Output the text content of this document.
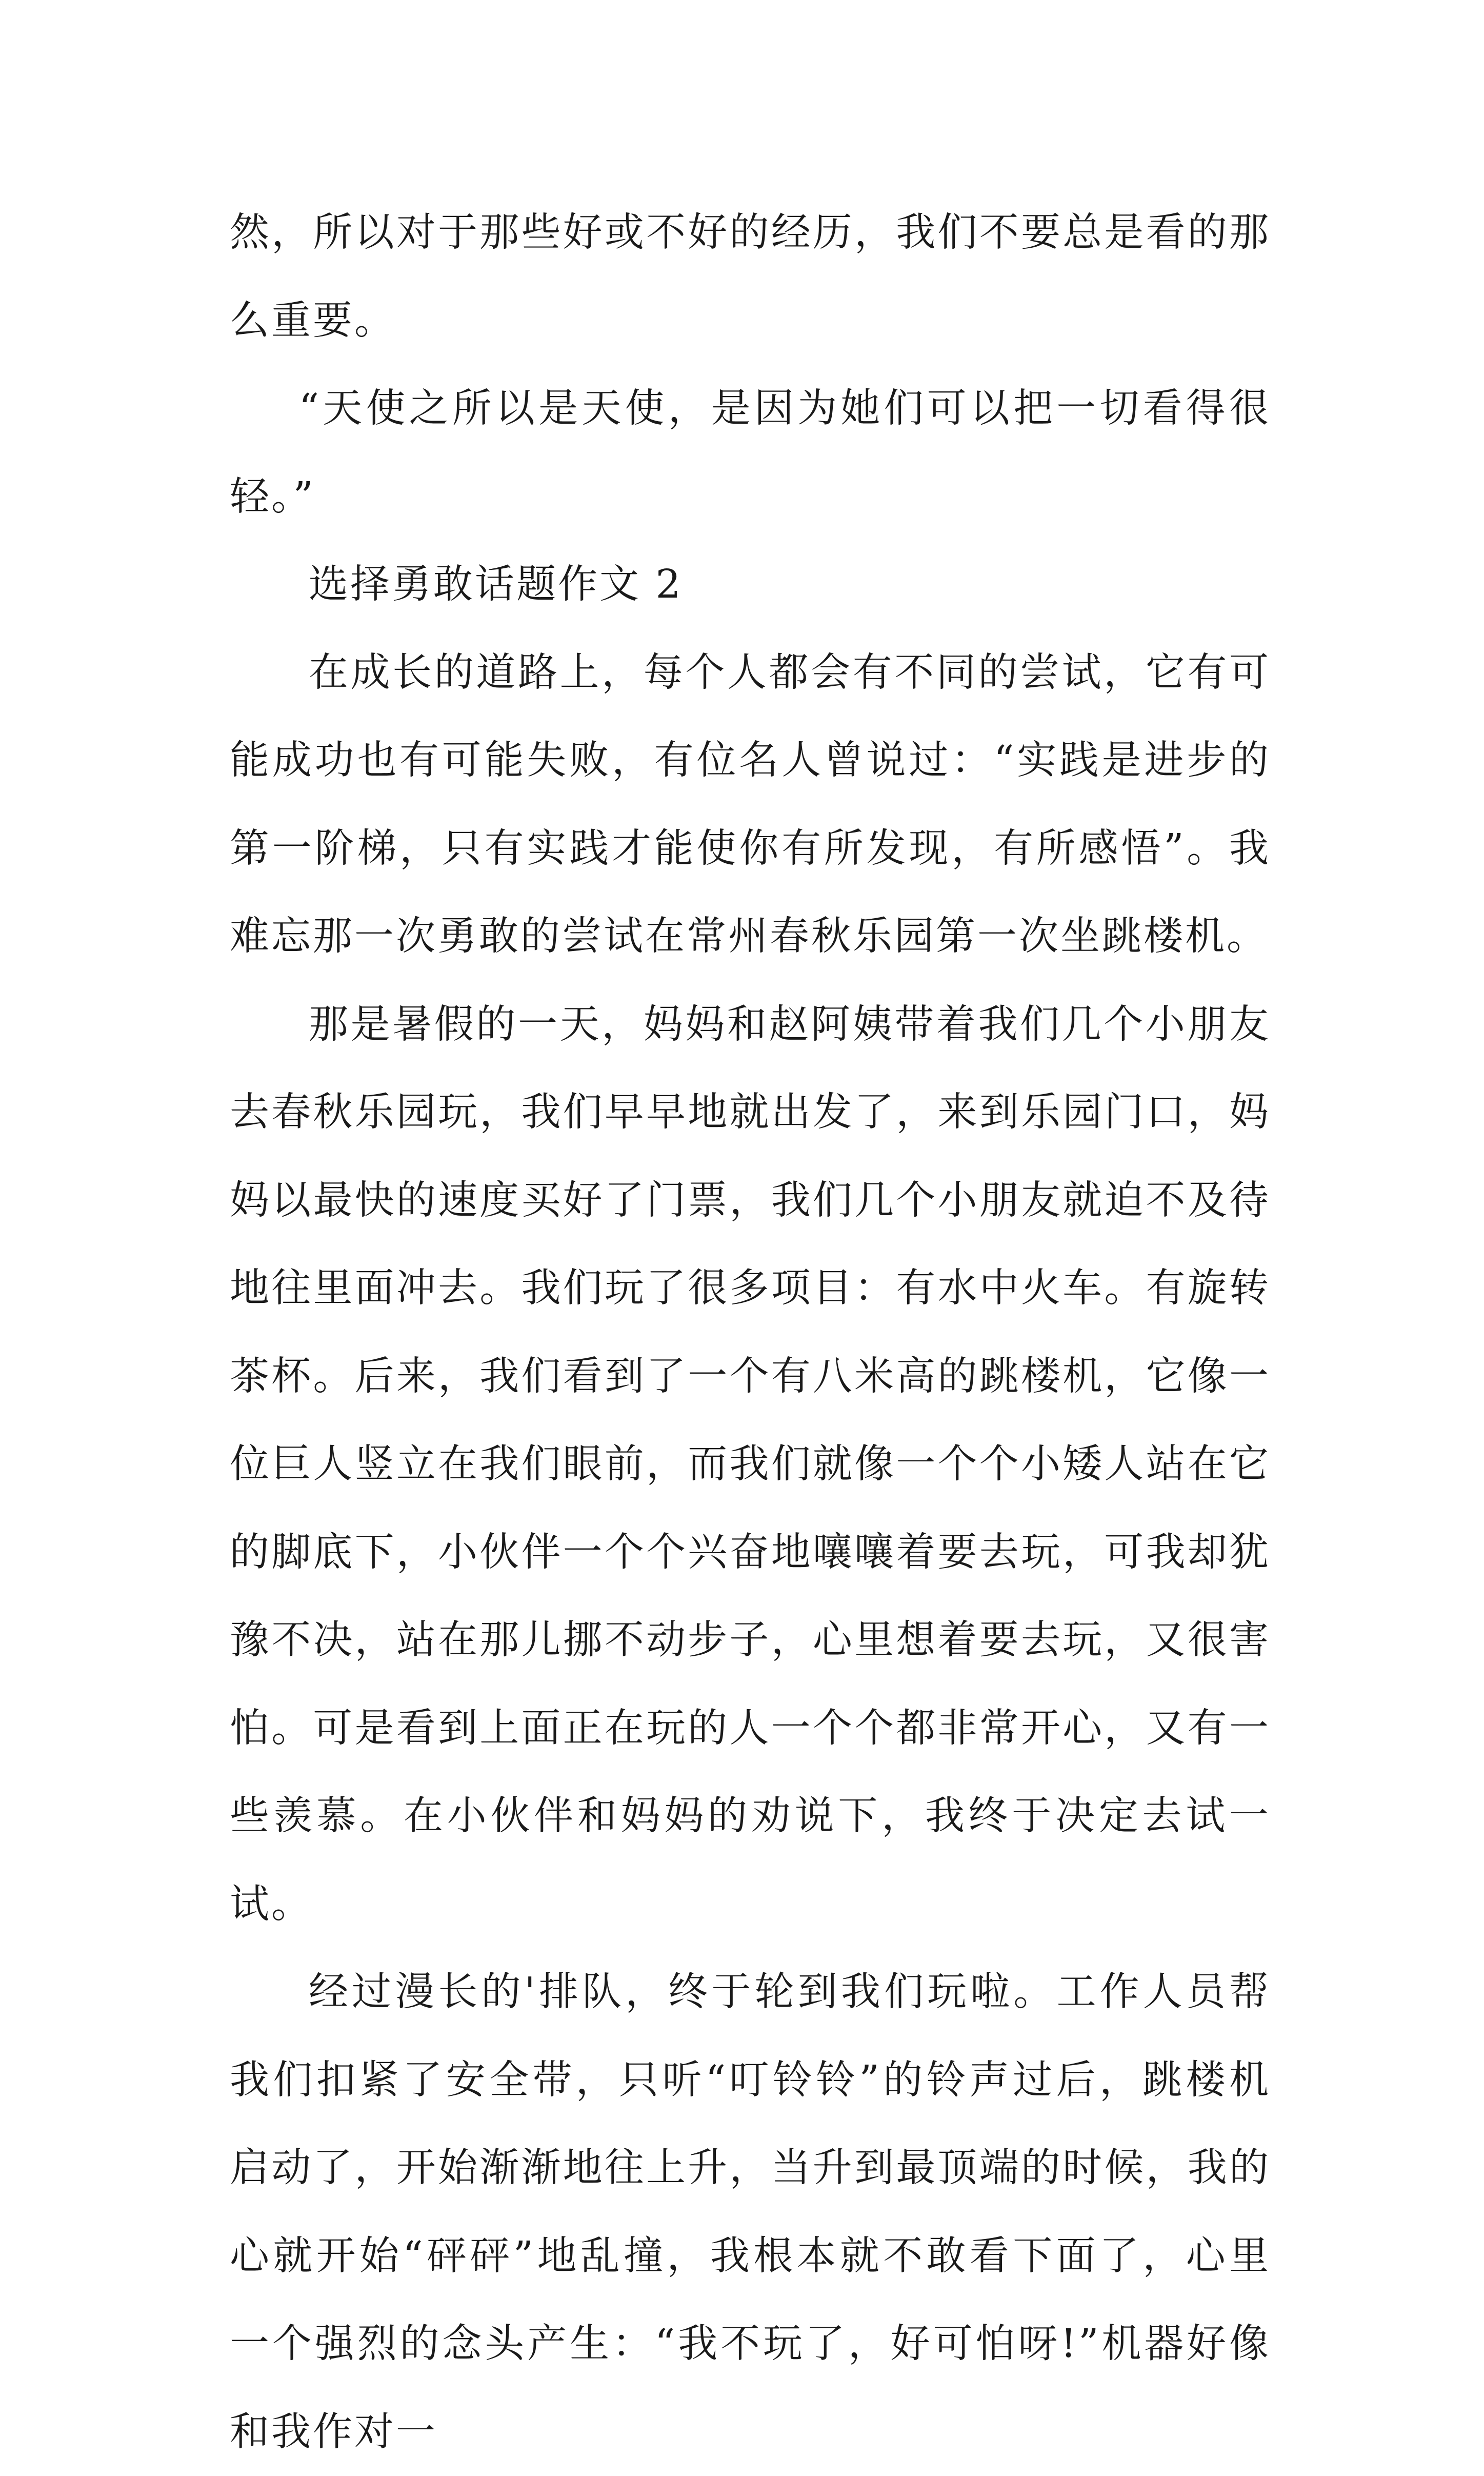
然，所以对于那些好或不好的经历，我们不要总是看的那么重要。

“天使之所以是天使，是因为她们可以把一切看得很轻。”

选择勇敢话题作文 2

在成长的道路上，每个人都会有不同的尝试，它有可能成功也有可能失败，有位名人曾说过：“实践是进步的第一阶梯，只有实践才能使你有所发现，有所感悟”。我难忘那一次勇敢的尝试在常州春秋乐园第一次坐跳楼机。

那是暑假的一天，妈妈和赵阿姨带着我们几个小朋友去春秋乐园玩，我们早早地就出发了，来到乐园门口，妈妈以最快的速度买好了门票，我们几个小朋友就迫不及待地往里面冲去。我们玩了很多项目：有水中火车。有旋转茶杯。后来，我们看到了一个有八米高的跳楼机，它像一位巨人竖立在我们眼前，而我们就像一个个小矮人站在它的脚底下，小伙伴一个个兴奋地嚷嚷着要去玩，可我却犹豫不决，站在那儿挪不动步子，心里想着要去玩，又很害怕。可是看到上面正在玩的人一个个都非常开心，又有一些羡慕。在小伙伴和妈妈的劝说下，我终于决定去试一试。

经过漫长的'排队，终于轮到我们玩啦。工作人员帮我们扣紧了安全带，只听“叮铃铃”的铃声过后，跳楼机启动了，开始渐渐地往上升，当升到最顶端的时候，我的心就开始“砰砰”地乱撞，我根本就不敢看下面了，心里一个强烈的念头产生：“我不玩了，好可怕呀!”机器好像和我作对一
